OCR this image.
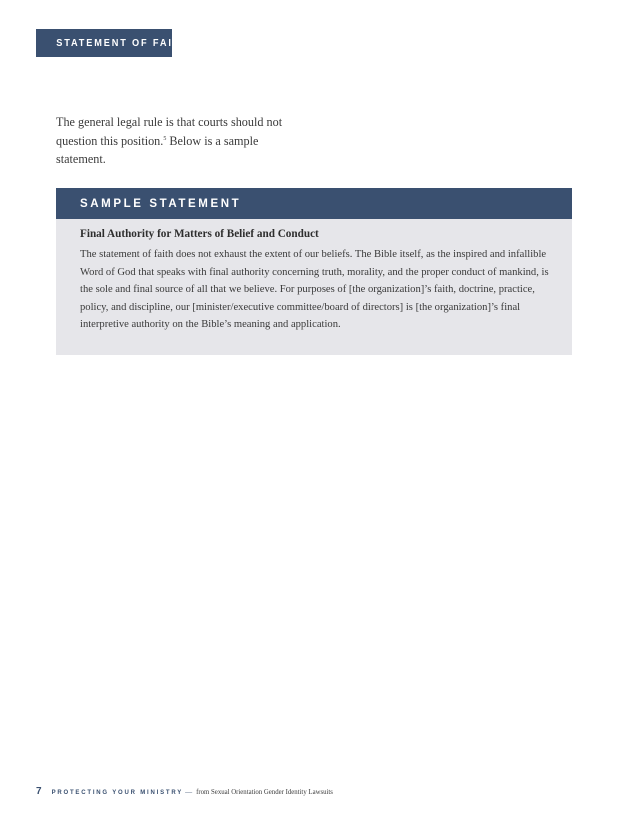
STATEMENT OF FAITH

The general legal rule is that courts should not question this position.$^5$ Below is a sample statement.

SAMPLE STATEMENT

Final Authority for Matters of Belief and Conduct

The statement of faith does not exhaust the extent of our beliefs. The Bible itself, as the inspired and infallible Word of God that speaks with final authority concerning truth, morality, and the proper conduct of mankind, is the sole and final source of all that we believe. For purposes of [the organization]’s faith, doctrine, practice, policy, and discipline, our [minister/executive committee/board of directors] is [the organization]’s final interpretive authority on the Bible’s meaning and application.

7 PROTECTING YOUR MINISTRY — from Sexual Orientation Gender Identity Lawsuits
